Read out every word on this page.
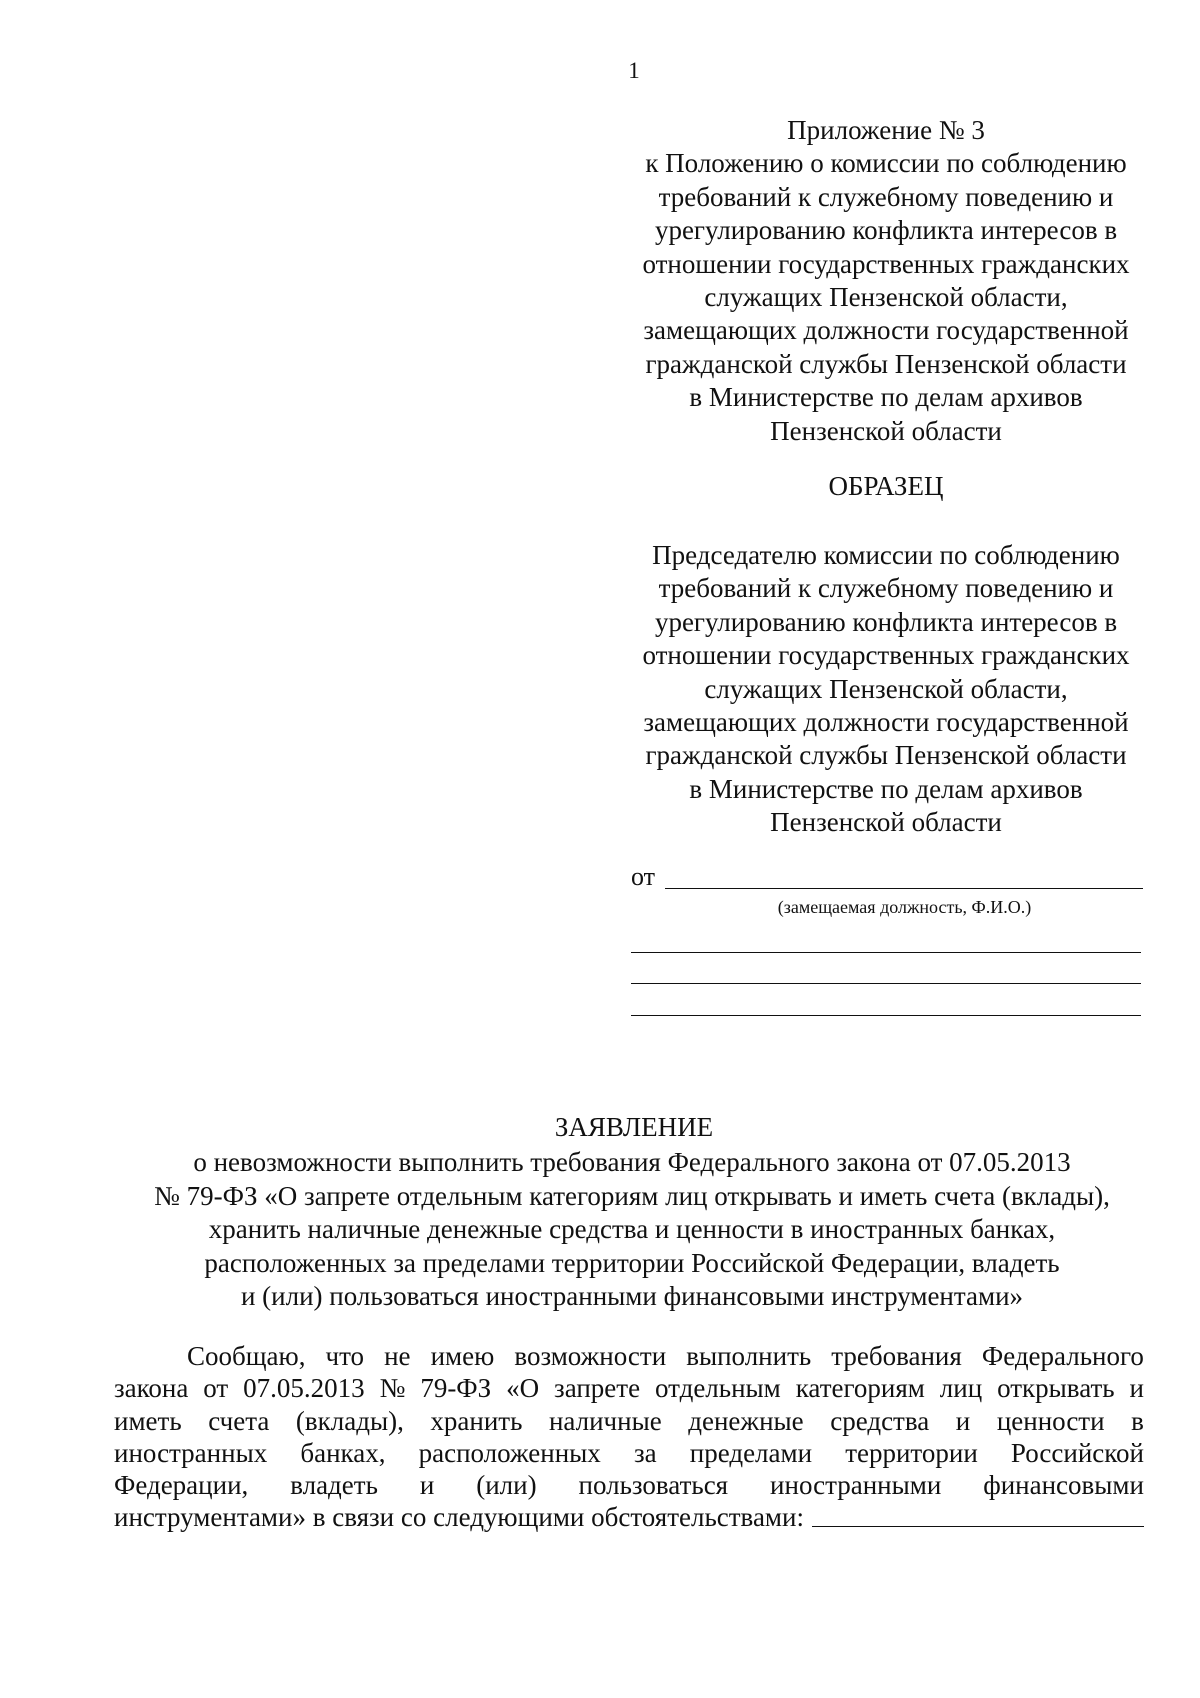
1
Приложение № 3
к Положению о комиссии по соблюдению
требований к служебному поведению и
урегулированию конфликта интересов в
отношении государственных гражданских
служащих Пензенской области,
замещающих должности государственной
гражданской службы Пензенской области
в Министерстве по делам архивов
Пензенской области
ОБРАЗЕЦ
Председателю комиссии по соблюдению
требований к служебному поведению и
урегулированию конфликта интересов в
отношении государственных гражданских
служащих Пензенской области,
замещающих должности государственной
гражданской службы Пензенской области
в Министерстве по делам архивов
Пензенской области
от
(замещаемая должность, Ф.И.О.)
ЗАЯВЛЕНИЕ
о невозможности выполнить требования Федерального закона от 07.05.2013
№ 79-ФЗ «О запрете отдельным категориям лиц открывать и иметь счета (вклады),
хранить наличные денежные средства и ценности в иностранных банках,
расположенных за пределами территории Российской Федерации, владеть
и (или) пользоваться иностранными финансовыми инструментами»
Сообщаю, что не имею возможности выполнить требования Федерального
закона от 07.05.2013 № 79-ФЗ «О запрете отдельным категориям лиц открывать и
иметь счета (вклады), хранить наличные денежные средства и ценности в
иностранных банках, расположенных за пределами территории Российской
Федерации, владеть и (или) пользоваться иностранными финансовыми
инструментами» в связи со следующими обстоятельствами:
